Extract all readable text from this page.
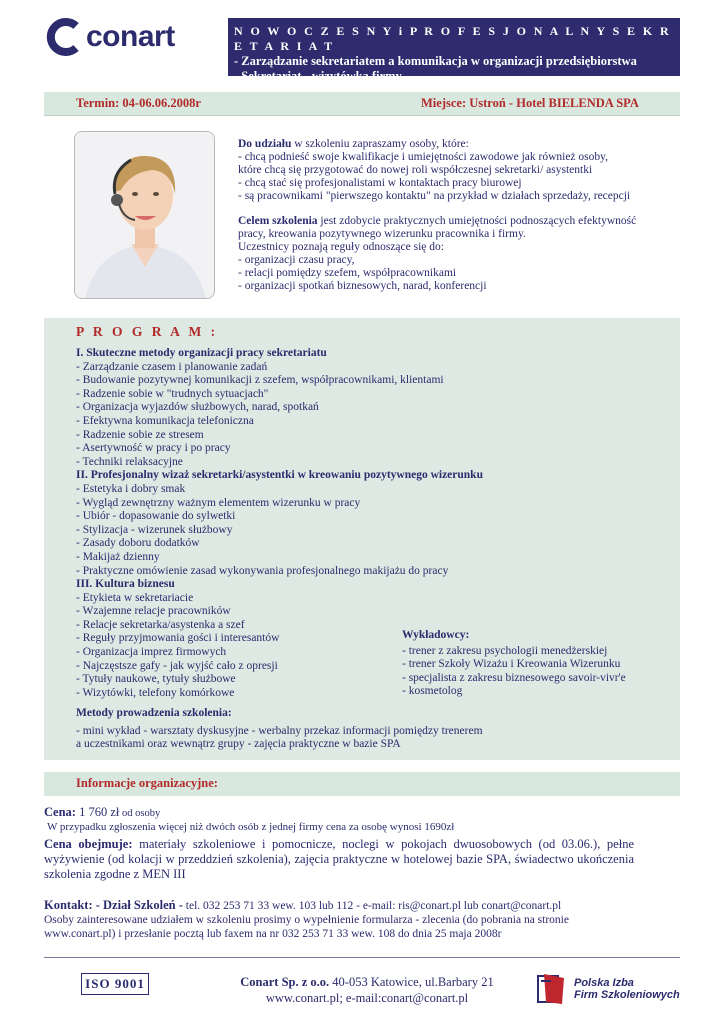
conart	N O W O C Z E S N Y i P R O F E S J O N A L N Y S E K R E T A R I A T
- Zarządzanie sekretariatem a komunikacja w organizacji przedsiębiorstwa
- Sekretariat - wizytówka firmy
Termin: 04-06.06.2008r	Miejsce: Ustroń - Hotel BIELENDA SPA

Do udziału w szkoleniu zapraszamy osoby, które:

- chcą podnieść swoje kwalifikacje i umiejętności zawodowe jak również osoby,

które chcą się przygotować do nowej roli współczesnej sekretarki/ asystentki

- chcą stać się profesjonalistami w kontaktach pracy biurowej

- są pracownikami "pierwszego kontaktu" na przykład w działach sprzedaży, recepcji

Celem szkolenia jest zdobycie praktycznych umiejętności podnoszących efektywność

pracy, kreowania pozytywnego wizerunku pracownika i firmy.

Uczestnicy poznają reguły odnoszące się do:

- organizacji czasu pracy,

- relacji pomiędzy szefem, współpracownikami

- organizacji spotkań biznesowych, narad, konferencji

P R O G R A M :
I. Skuteczne metody organizacji pracy sekretariatu
- Zarządzanie czasem i planowanie zadań
- Budowanie pozytywnej komunikacji z szefem, współpracownikami, klientami
- Radzenie sobie w "trudnych sytuacjach"
- Organizacja wyjazdów służbowych, narad, spotkań
- Efektywna komunikacja telefoniczna
- Radzenie sobie ze stresem
- Asertywność w pracy i po pracy
- Techniki relaksacyjne
II. Profesjonalny wizaż sekretarki/asystentki w kreowaniu pozytywnego wizerunku
- Estetyka i dobry smak
- Wygląd zewnętrzny ważnym elementem wizerunku w pracy
- Ubiór - dopasowanie do sylwetki
- Stylizacja - wizerunek służbowy
- Zasady doboru dodatków
- Makijaż dzienny
- Praktyczne omówienie zasad wykonywania profesjonalnego makijażu do pracy
III. Kultura biznesu
- Etykieta w sekretariacie
- Wzajemne relacje pracowników
- Relacje sekretarka/asystenka a szef
- Reguły przyjmowania gości i interesantów
- Organizacja imprez firmowych
- Najczęstsze gafy - jak wyjść cało z opresji
- Tytuły naukowe, tytuły służbowe
- Wizytówki, telefony komórkowe
Wykładowcy:
- trener z zakresu psychologii menedżerskiej
- trener Szkoły Wizażu i Kreowania Wizerunku
- specjalista z zakresu biznesowego savoir-vivr'e
- kosmetolog
Metody prowadzenia szkolenia:
- mini wykład - warsztaty dyskusyjne - werbalny przekaz informacji pomiędzy trenerem
a uczestnikami oraz wewnątrz grupy - zajęcia praktyczne w bazie SPA
Informacje organizacyjne:
Cena: 1 760 zł od osoby
W przypadku zgłoszenia więcej niż dwóch osób z jednej firmy cena za osobę wynosi 1690zł
Cena obejmuje: materiały szkoleniowe i pomocnicze, noclegi w pokojach dwuosobowych (od 03.06.), pełne wyżywienie (od kolacji w przeddzień szkolenia), zajęcia praktyczne w hotelowej bazie SPA, świadectwo ukończenia szkolenia zgodne z MEN III
Kontakt: - Dział Szkoleń - tel. 032 253 71 33 wew. 103 lub 112 - e-mail: ris@conart.pl lub conart@conart.pl
Osoby zainteresowane udziałem w szkoleniu prosimy o wypełnienie formularza - zlecenia (do pobrania na stronie
www.conart.pl) i przesłanie pocztą lub faxem na nr 032 253 71 33 wew. 108 do dnia 25 maja 2008r
ISO 9001	Conart Sp. z o.o. 40-053 Katowice, ul.Barbary 21
www.conart.pl; e-mail:conart@conart.pl
Polska Izba
Firm Szkoleniowych
